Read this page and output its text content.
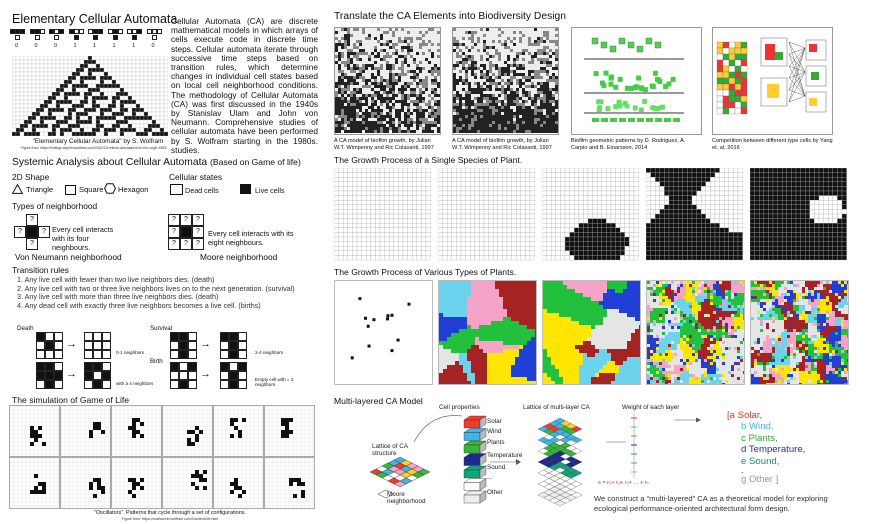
Elementary Cellular Automata
0	0	0	1	1	1	1	0
"Elementary Cellular Automata" by S. Wolfram
Figure from: https://writings.stephenwolfram.com/2002/12/cellular-automata-from-the-origin-1983/
Cellular Automata (CA) are discrete mathematical models in which arrays of cells execute code in discrete time steps. Cellular automata iterate through successive time steps based on transition rules, which determine changes in individual cell states based on local cell neighborhood conditions. The methodology of Cellular Automata (CA) was first discussed in the 1940s by Stanislav Ulam and John von Neumann. Comprehensive studies of cellular automata have been performed by S. Wolfram starting in the 1980s. studies.
Systemic Analysis about Cellular Automata (Based on Game of life)
2D Shape
Triangle	Square Hexagon
Cellular states
Dead cells	Live cells
Types of neighborhood
?
?	?
?
Every cell interacts with its four neighbours.
Von Neumann neighborhood
?	?	?
?	?
?	?	?
Every cell interacts with its eight neighbours.
Moore neighborhood
Transition rules
1. Any live cell with fewer than two live neighbors dies. (death)
2. Any live cell with two or three live neighbors lives on to the next generation. (survival)
3. Any live cell with more than three live neighbors dies. (death)
4. Any dead cell with exactly three live neighbors becomes a live cell. (births)
Death	Survival
Birth
→
→
→
→
0-1 neighbors
with ≥ 4 neighbors
2-4 neighbors
Empty cell with = 3 neighbors
The simulation of Game of Life
"Oscillators". Patterns that cycle through a set of configurations.
Figure from: https://mathworld.wolfram.com/GameofLife.html
Translate the CA Elements into Biodiversity Design
A CA model of biofilm growth, by Julian W.T. Wimpenny and Ric Colasanti, 1997
A CA model of biofilm growth, by Julian W.T. Wimpenny and Ric Colasanti, 1997
Biofilm geometric patterns by D. Rodriguez, A. Carpio and B. Einarsson, 2014
Competition between different type cells by Yang et. al, 2016
The Growth Process of a Single Species of Plant.
The Growth Process of Various Types of Plants.
Multi-layered CA Model
Cell properties	Lattice of multi-layer CA	Weight of each layer
Lattice of CA structure
Moore neighborhood
Solar
Wind
Plants
Temperature
Sound
...
Other
s = r₀+ r₁+ r₂+ ... + rₙ
[a Solar,
b Wind,
c Plants,
d Temperature,
e Sound,
.
g Other ]
We construct a “multi-layered” CA as a theoretical model for exploring ecological performance-oriented architectural form design.
